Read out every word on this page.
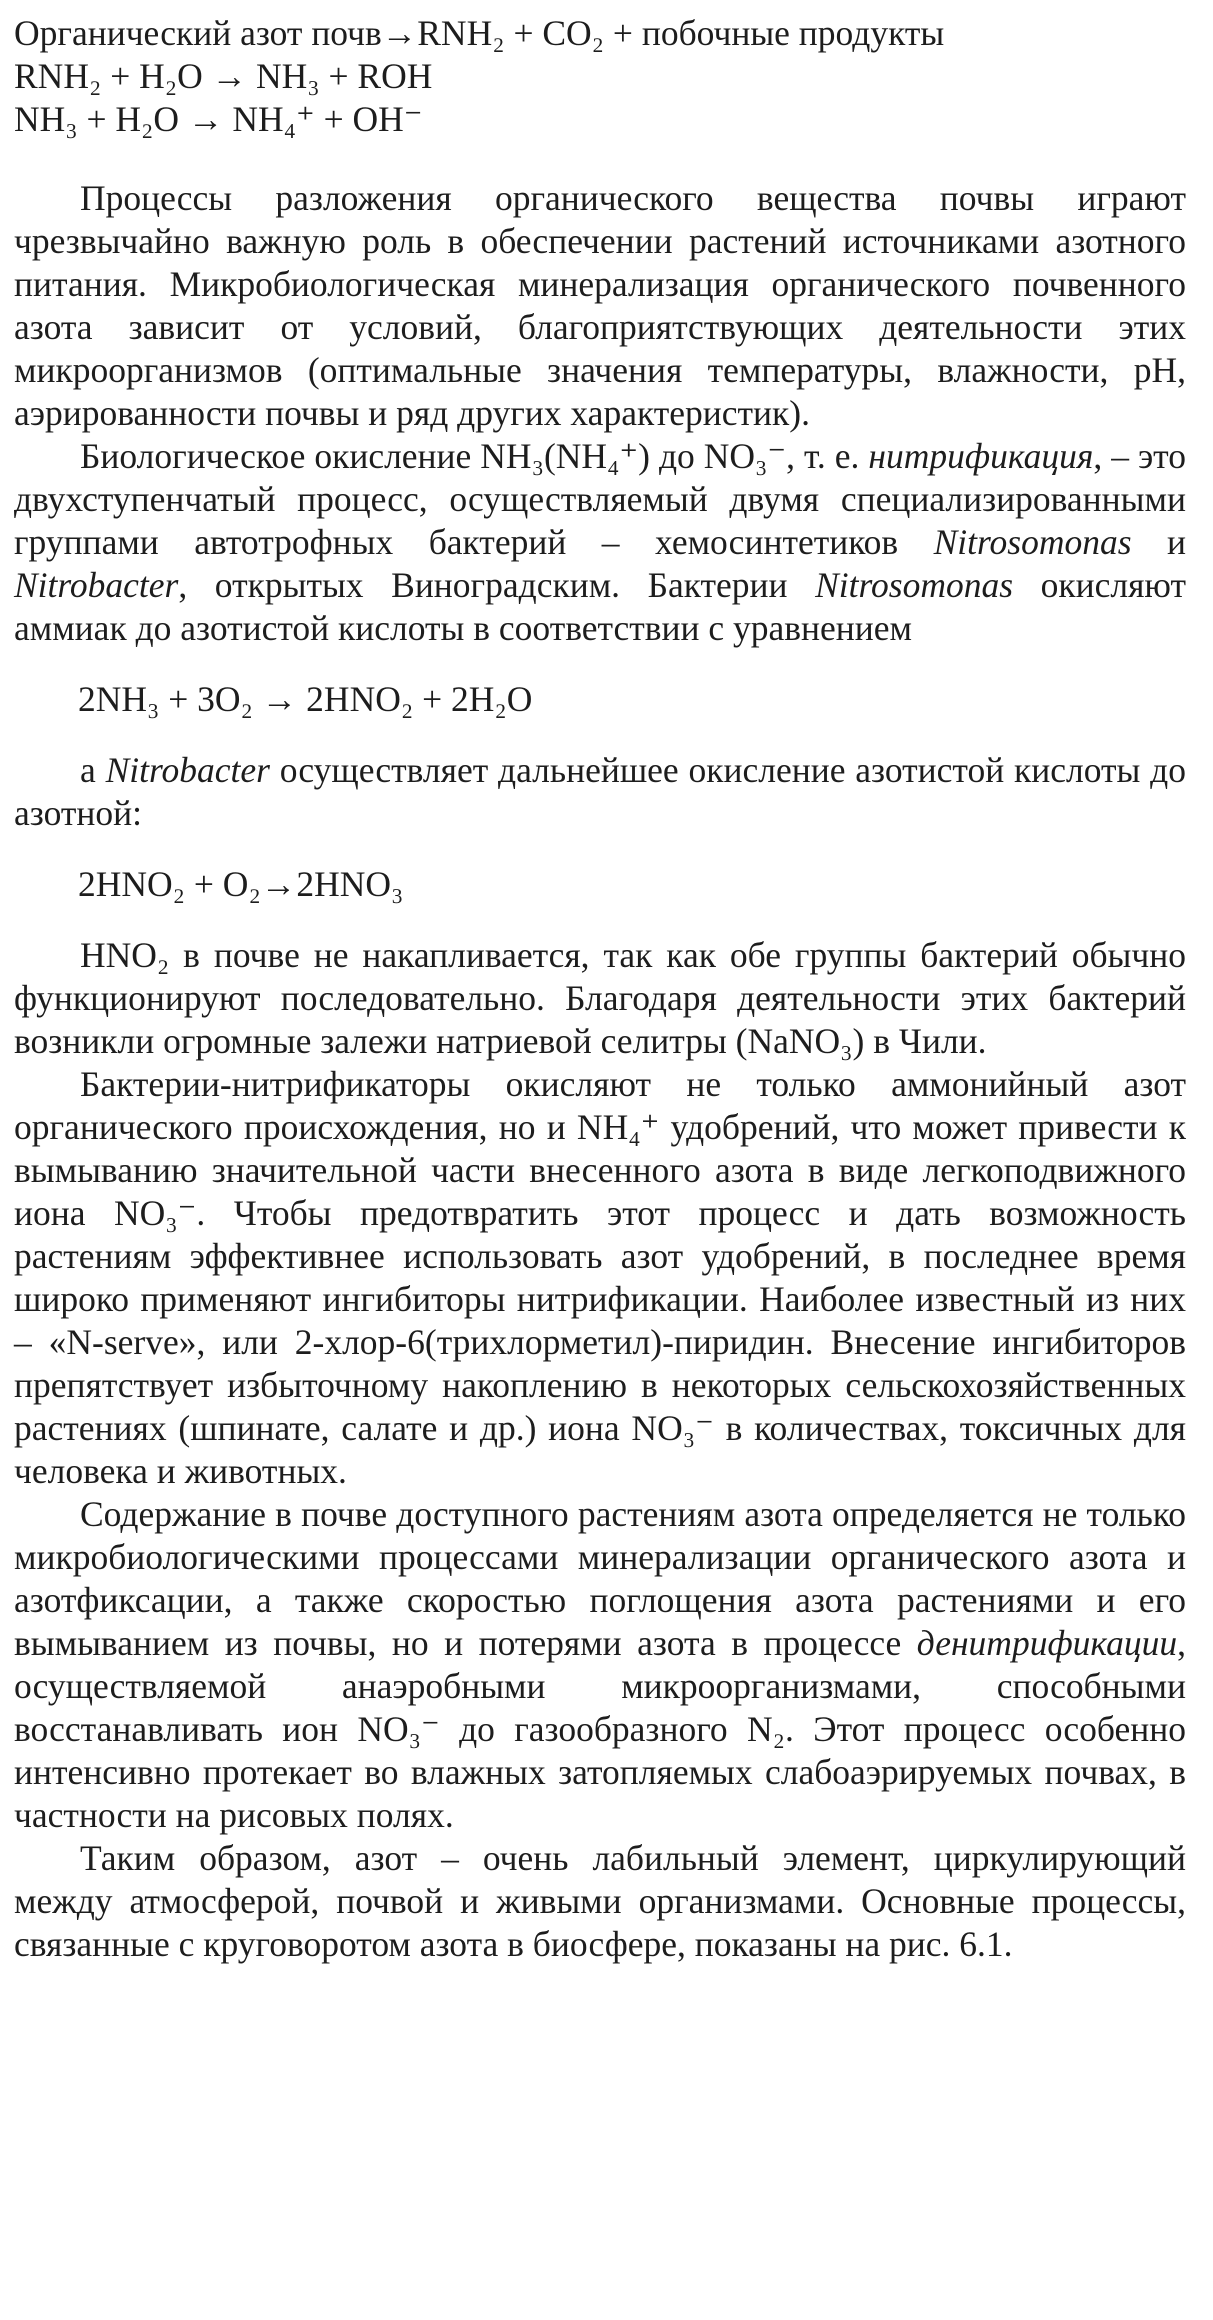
Органический азот почв→RNH₂ + CO₂ + побочные продукты
RNH₂ + H₂O → NH₃ + ROH
NH₃ + H₂O → NH₄⁺ + OH⁻

Процессы разложения органического вещества почвы играют чрезвычайно важную роль в обеспечении растений источниками азотного питания. Микробиологическая минерализация органического почвенного азота зависит от условий, благоприятствующих деятельности этих микроорганизмов (оптимальные значения температуры, влажности, pH, аэрированности почвы и ряд других характеристик).

Биологическое окисление NH₃(NH₄⁺) до NO₃⁻, т. е. нитрификация, – это двухступенчатый процесс, осуществляемый двумя специализированными группами автотрофных бактерий – хемосинтетиков Nitrosomonas и Nitrobacter, открытых Виноградским. Бактерии Nitrosomonas окисляют аммиак до азотистой кислоты в соответствии с уравнением

2NH₃ + 3O₂ → 2HNO₂ + 2H₂O

а Nitrobacter осуществляет дальнейшее окисление азотистой кислоты до азотной:

2HNO₂ + O₂→2HNO₃

HNO₂ в почве не накапливается, так как обе группы бактерий обычно функционируют последовательно. Благодаря деятельности этих бактерий возникли огромные залежи натриевой селитры (NaNO₃) в Чили.

Бактерии-нитрификаторы окисляют не только аммонийный азот органического происхождения, но и NH₄⁺ удобрений, что может привести к вымыванию значительной части внесенного азота в виде легкоподвижного иона NO₃⁻. Чтобы предотвратить этот процесс и дать возможность растениям эффективнее использовать азот удобрений, в последнее время широко применяют ингибиторы нитрификации. Наиболее известный из них – «N-serve», или 2-хлор-6(трихлорметил)-пиридин. Внесение ингибиторов препятствует избыточному накоплению в некоторых сельскохозяйственных растениях (шпинате, салате и др.) иона NO₃⁻ в количествах, токсичных для человека и животных.

Содержание в почве доступного растениям азота определяется не только микробиологическими процессами минерализации органического азота и азотфиксации, а также скоростью поглощения азота растениями и его вымыванием из почвы, но и потерями азота в процессе денитрификации, осуществляемой анаэробными микроорганизмами, способными восстанавливать ион NO₃⁻ до газообразного N₂. Этот процесс особенно интенсивно протекает во влажных затопляемых слабоаэрируемых почвах, в частности на рисовых полях.

Таким образом, азот – очень лабильный элемент, циркулирующий между атмосферой, почвой и живыми организмами. Основные процессы, связанные с круговоротом азота в биосфере, показаны на рис. 6.1.
